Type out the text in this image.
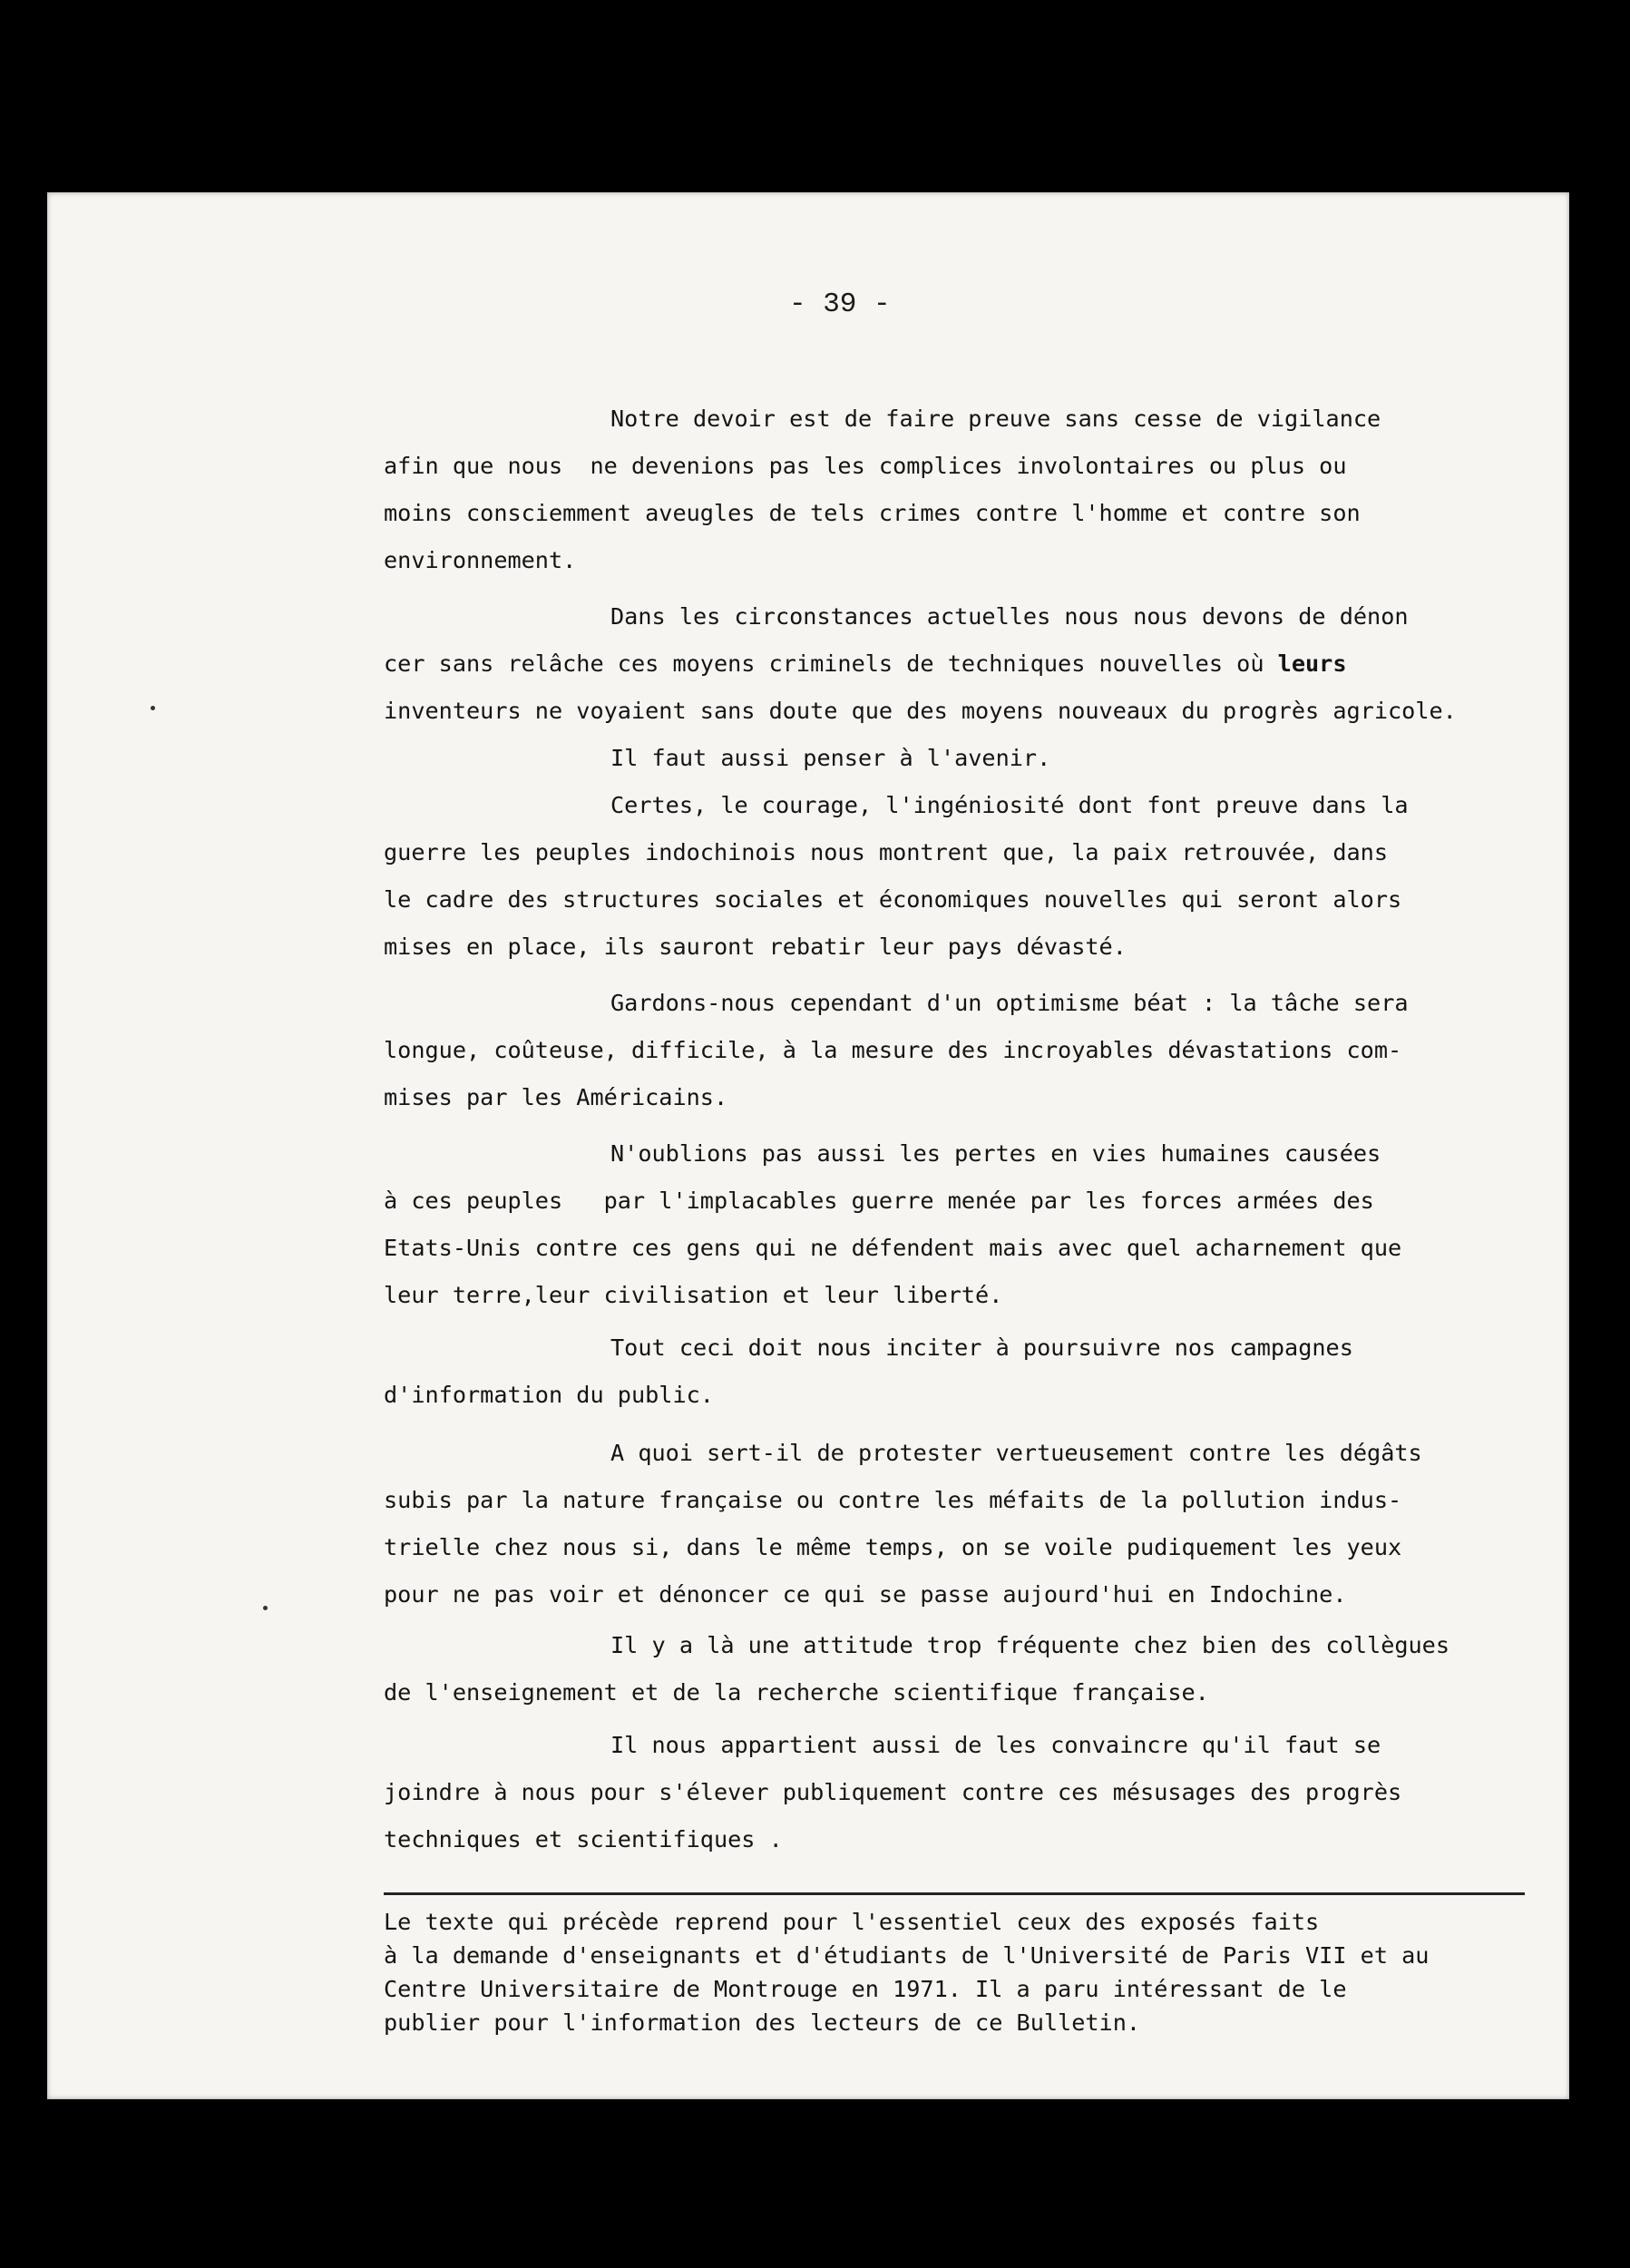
- 39 -
Notre devoir est de faire preuve sans cesse de vigilance
afin que nous  ne devenions pas les complices involontaires ou plus ou
moins consciemment aveugles de tels crimes contre l'homme et contre son
environnement.
Dans les circonstances actuelles nous nous devons de dénon
cer sans relâche ces moyens criminels de techniques nouvelles où leurs
inventeurs ne voyaient sans doute que des moyens nouveaux du progrès agricole.
Il faut aussi penser à l'avenir.
Certes, le courage, l'ingéniosité dont font preuve dans la
guerre les peuples indochinois nous montrent que, la paix retrouvée, dans
le cadre des structures sociales et économiques nouvelles qui seront alors
mises en place, ils sauront rebatir leur pays dévasté.
Gardons-nous cependant d'un optimisme béat : la tâche sera
longue, coûteuse, difficile, à la mesure des incroyables dévastations com-
mises par les Américains.
N'oublions pas aussi les pertes en vies humaines causées
à ces peuples   par l'implacables guerre menée par les forces armées des
Etats-Unis contre ces gens qui ne défendent mais avec quel acharnement que
leur terre,leur civilisation et leur liberté.
Tout ceci doit nous inciter à poursuivre nos campagnes
d'information du public.
A quoi sert-il de protester vertueusement contre les dégâts
subis par la nature française ou contre les méfaits de la pollution indus-
trielle chez nous si, dans le même temps, on se voile pudiquement les yeux
pour ne pas voir et dénoncer ce qui se passe aujourd'hui en Indochine.
Il y a là une attitude trop fréquente chez bien des collègues
de l'enseignement et de la recherche scientifique française.
Il nous appartient aussi de les convaincre qu'il faut se
joindre à nous pour s'élever publiquement contre ces mésusages des progrès
techniques et scientifiques .
Le texte qui précède reprend pour l'essentiel ceux des exposés faits
à la demande d'enseignants et d'étudiants de l'Université de Paris VII et au
Centre Universitaire de Montrouge en 1971. Il a paru intéressant de le
publier pour l'information des lecteurs de ce Bulletin.
